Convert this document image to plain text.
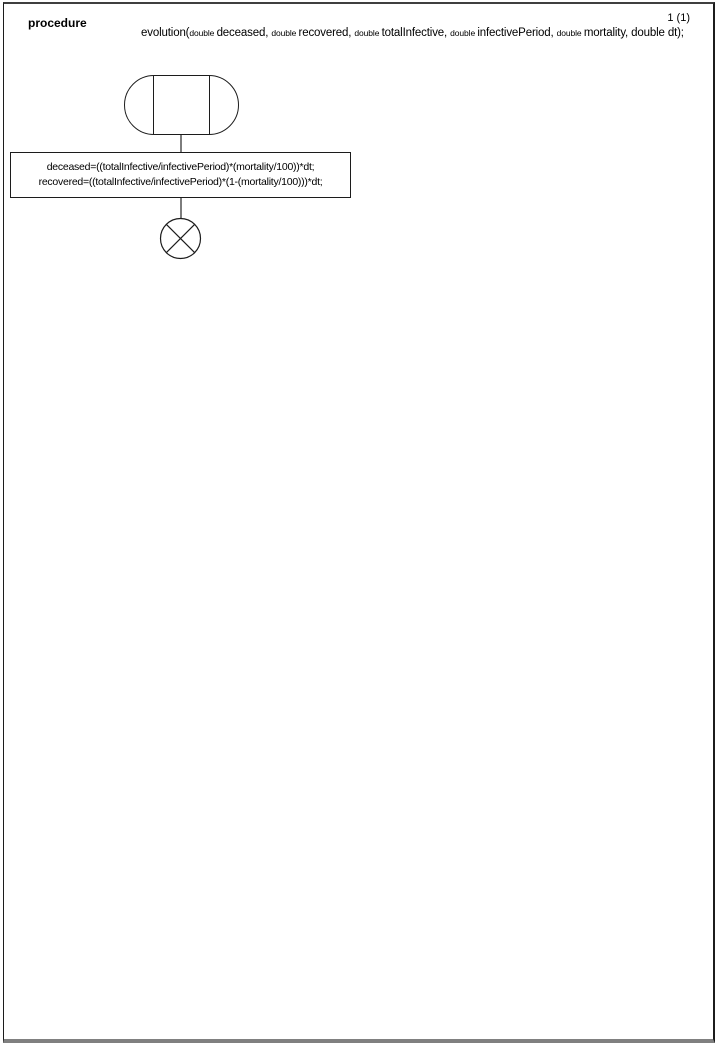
procedure	1 (1)
evolution(double deceased, double recovered, double totalInfective, double infectivePeriod, double mortality, double dt);
deceased=((totalInfective/infectivePeriod)*(mortality/100))*dt;
recovered=((totalInfective/infectivePeriod)*(1-(mortality/100)))*dt;
